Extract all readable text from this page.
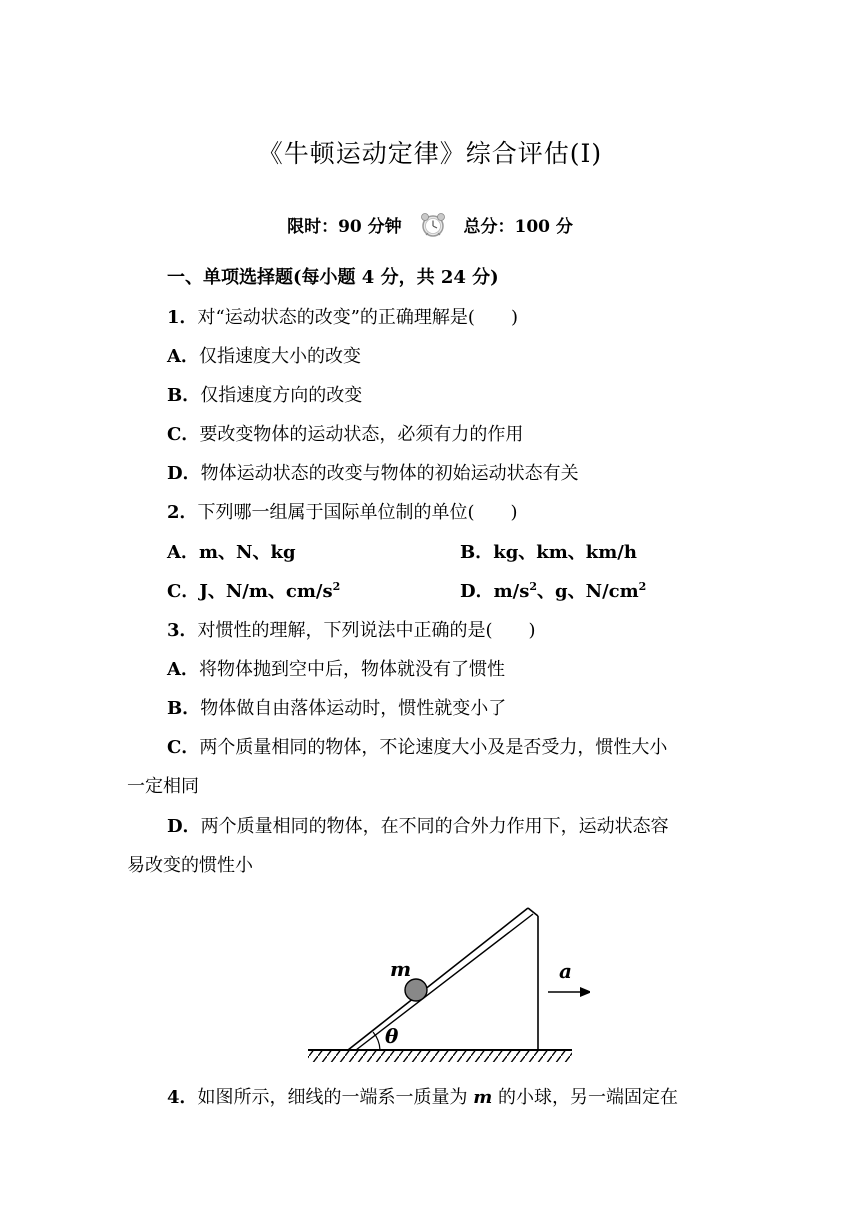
《牛顿运动定律》综合评估(Ⅰ)
限时：90 分钟	总分：100 分
一、单项选择题(每小题 4 分，共 24 分)
1．对“运动状态的改变”的正确理解是(　　)
A．仅指速度大小的改变
B．仅指速度方向的改变
C．要改变物体的运动状态，必须有力的作用
D．物体运动状态的改变与物体的初始运动状态有关
2．下列哪一组属于国际单位制的单位(　　)
A．m、N、kg	B．kg、km、km/h
C．J、N/m、$cm/s^2$	D．$m/s^2$、g、$N/cm^2$
3．对惯性的理解，下列说法中正确的是(　　)
A．将物体抛到空中后，物体就没有了惯性
B．物体做自由落体运动时，惯性就变小了
C．两个质量相同的物体，不论速度大小及是否受力，惯性大小
一定相同
D．两个质量相同的物体，在不同的合外力作用下，运动状态容
易改变的惯性小
m
θ
a
4．如图所示，细线的一端系一质量为 m 的小球，另一端固定在
